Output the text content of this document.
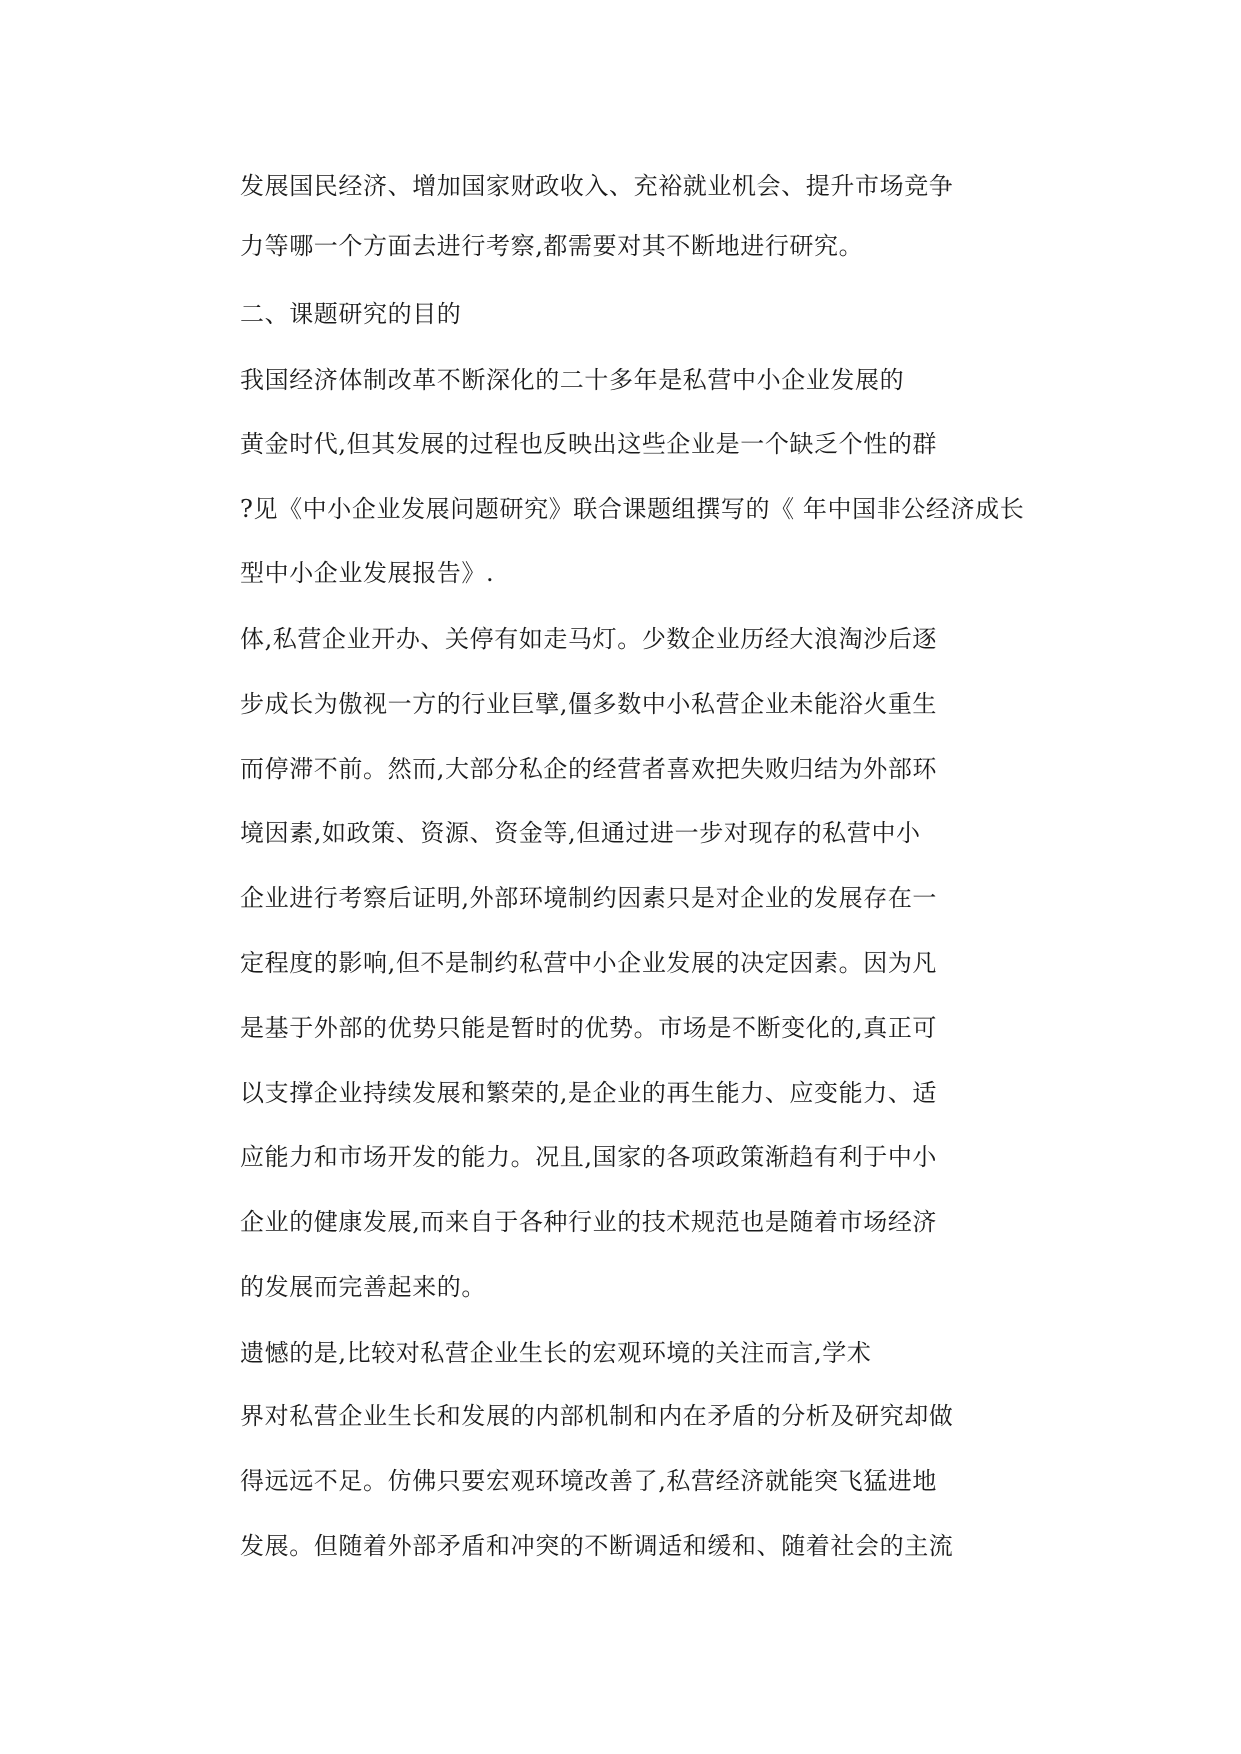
发展国民经济、增加国家财政收入、充裕就业机会、提升市场竞争
力等哪一个方面去进行考察,都需要对其不断地进行研究。
二、课题研究的目的
我国经济体制改革不断深化的二十多年是私营中小企业发展的
黄金时代,但其发展的过程也反映出这些企业是一个缺乏个性的群
?见《中小企业发展问题研究》联合课题组撰写的《 年中国非公经济成长
型中小企业发展报告》.
体,私营企业开办、关停有如走马灯。少数企业历经大浪淘沙后逐
步成长为傲视一方的行业巨擘,僵多数中小私营企业未能浴火重生
而停滞不前。然而,大部分私企的经营者喜欢把失败归结为外部环
境因素,如政策、资源、资金等,但通过进一步对现存的私营中小
企业进行考察后证明,外部环境制约因素只是对企业的发展存在一
定程度的影响,但不是制约私营中小企业发展的决定因素。因为凡
是基于外部的优势只能是暂时的优势。市场是不断变化的,真正可
以支撑企业持续发展和繁荣的,是企业的再生能力、应变能力、适
应能力和市场开发的能力。况且,国家的各项政策渐趋有利于中小
企业的健康发展,而来自于各种行业的技术规范也是随着市场经济
的发展而完善起来的。
遗憾的是,比较对私营企业生长的宏观环境的关注而言,学术
界对私营企业生长和发展的内部机制和内在矛盾的分析及研究却做
得远远不足。仿佛只要宏观环境改善了,私营经济就能突飞猛进地
发展。但随着外部矛盾和冲突的不断调适和缓和、随着社会的主流
